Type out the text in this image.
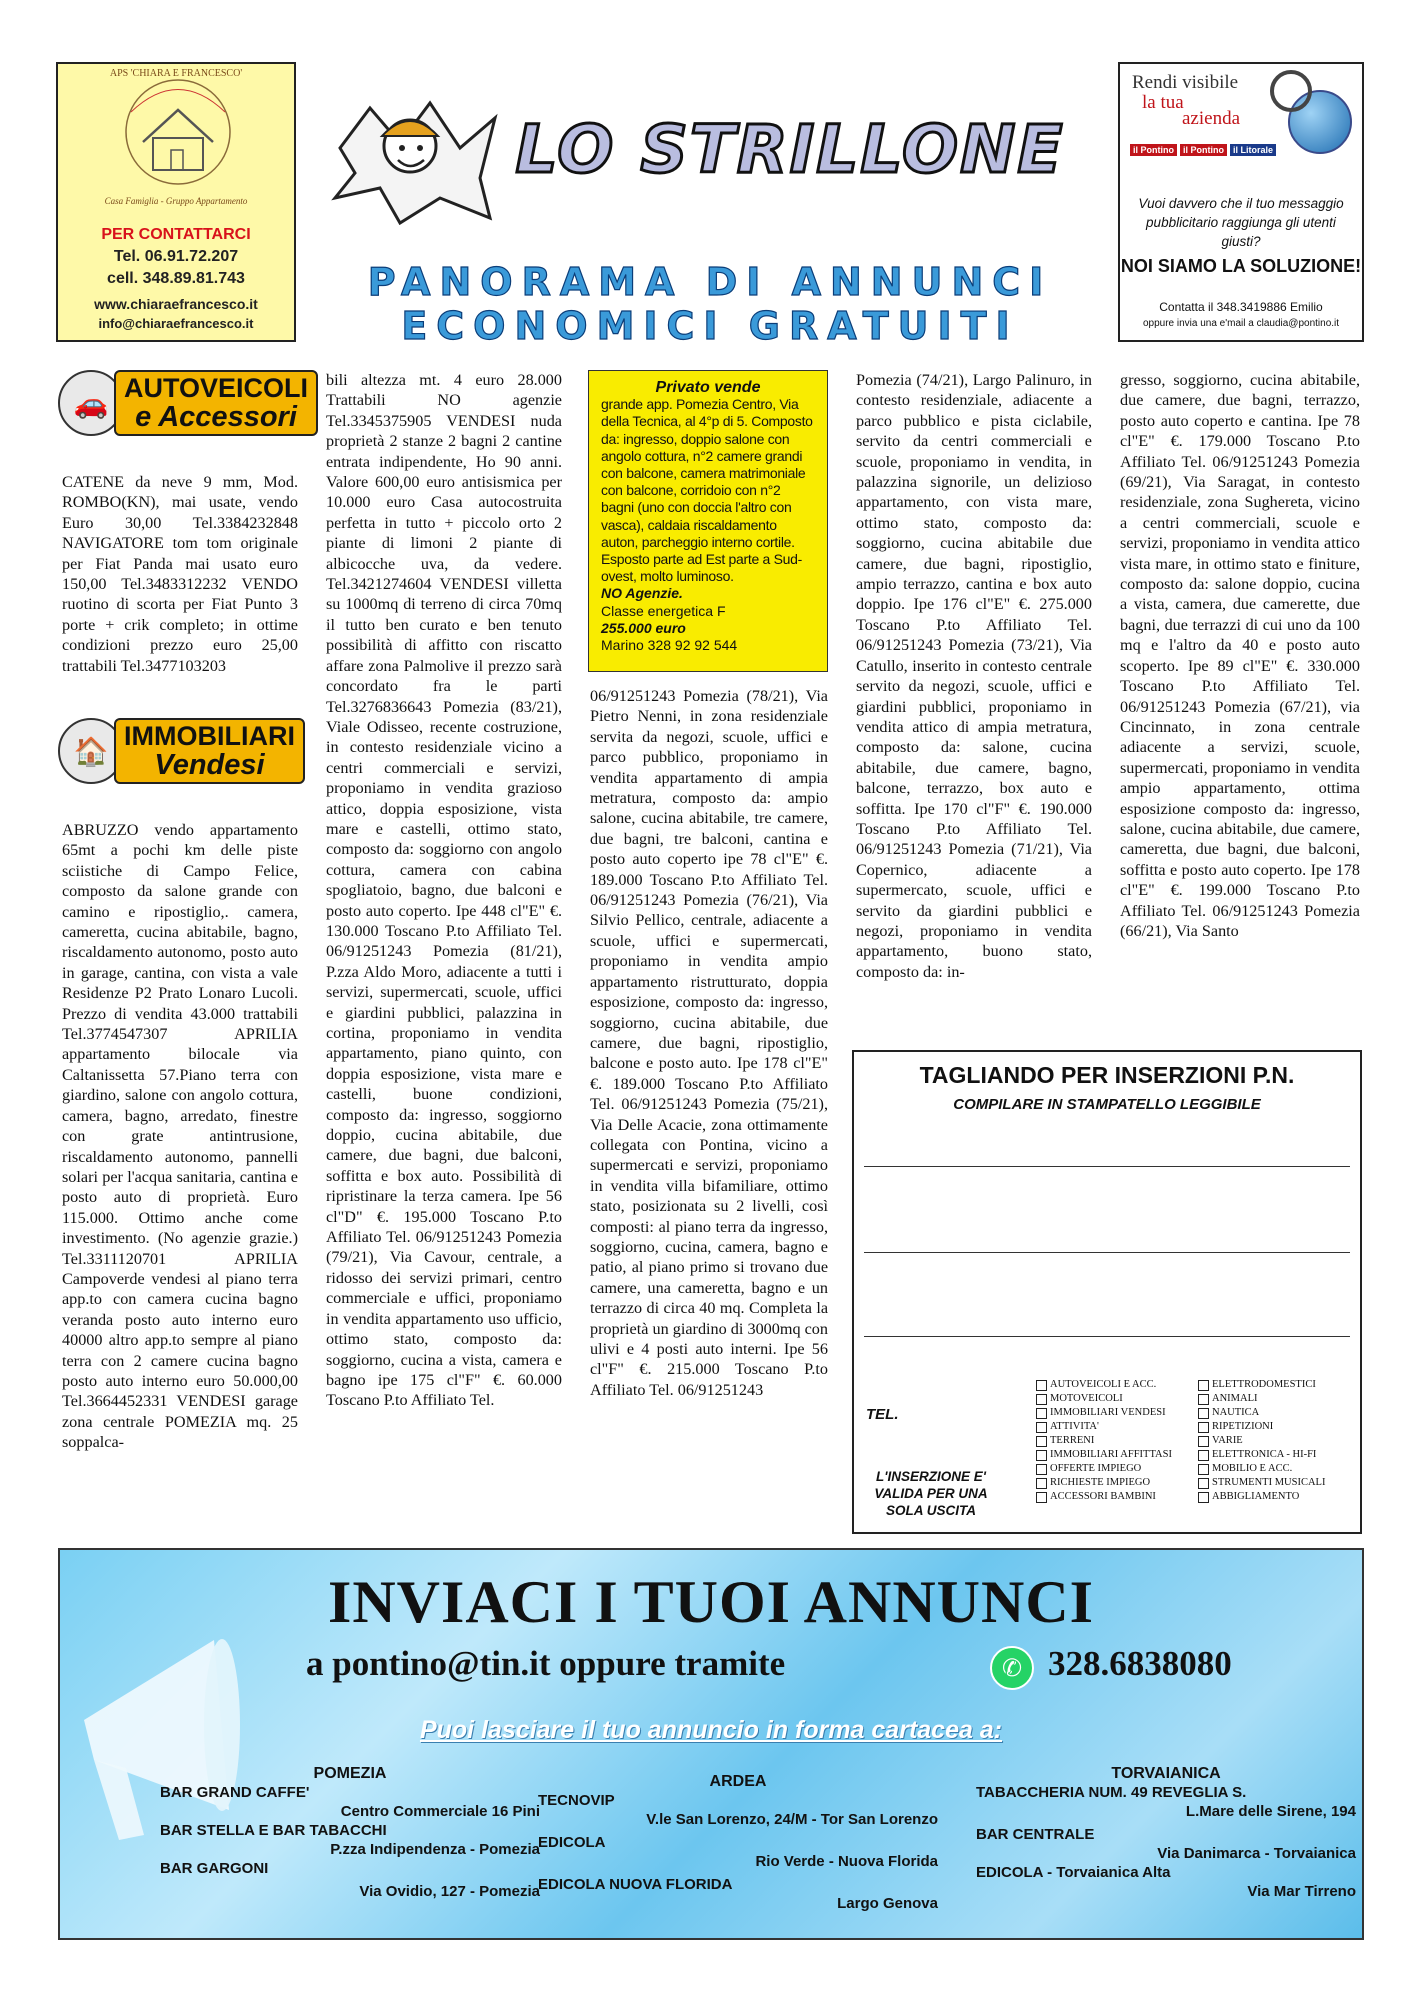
APS 'CHIARA E FRANCESCO'
Casa Famiglia - Gruppo Appartamento
PER CONTATTARCI
Tel. 06.91.72.207
cell. 348.89.81.743
www.chiaraefrancesco.it
info@chiaraefrancesco.it
LO STRILLONE
PANORAMA DI ANNUNCI
ECONOMICI GRATUITI
Rendi visibile
la tua
azienda
il Pontino	il Pontino	il Litorale
Vuoi davvero che il tuo messaggio pubblicitario raggiunga gli utenti giusti?
NOI SIAMO LA SOLUZIONE!
Contatta il 348.3419886 Emilio
oppure invia una e'mail a claudia@pontino.it
🚗 AUTOVEICOLI
e Accessori
🏠 IMMOBILIARI
Vendesi

CATENE da neve 9 mm, Mod. ROMBO(KN), mai usate, vendo Euro 30,00 Tel.3384232848 NAVIGATORE tom tom originale per Fiat Panda mai usato euro 150,00 Tel.3483312232 VENDO ruotino di scorta per Fiat Punto 3 porte + crik completo; in ottime condizioni prezzo euro 25,00 trattabili Tel.3477103203

ABRUZZO vendo appartamento 65mt a pochi km delle piste sciistiche di Campo Felice, composto da salone grande con camino e ripostiglio,. camera, cameretta, cucina abitabile, bagno, riscaldamento autonomo, posto auto in garage, cantina, con vista a vale Residenze P2 Prato Lonaro Lucoli. Prezzo di vendita 43.000 trattabili Tel.3774547307 APRILIA appartamento bilocale via Caltanissetta 57.Piano terra con giardino, salone con angolo cottura, camera, bagno, arredato, finestre con grate antintrusione, riscaldamento autonomo, pannelli solari per l'acqua sanitaria, cantina e posto auto di proprietà. Euro 115.000. Ottimo anche come investimento. (No agenzie grazie.) Tel.3311120701 APRILIA Campoverde vendesi al piano terra app.to con camera cucina bagno veranda posto auto interno euro 40000 altro app.to sempre al piano terra con 2 camere cucina bagno posto auto interno euro 50.000,00 Tel.3664452331 VENDESI garage zona centrale POMEZIA mq. 25 soppalca-

bili altezza mt. 4 euro 28.000 Trattabili NO agenzie Tel.3345375905 VENDESI nuda proprietà 2 stanze 2 bagni 2 cantine entrata indipendente, Ho 90 anni. Valore 600,00 euro antisismica per 10.000 euro Casa autocostruita perfetta in tutto + piccolo orto 2 piante di limoni 2 piante di albicocche uva, da vedere. Tel.3421274604 VENDESI villetta su 1000mq di terreno di circa 70mq il tutto ben curato e ben tenuto possibilità di affitto con riscatto affare zona Palmolive il prezzo sarà concordato fra le parti Tel.3276836643 Pomezia (83/21), Viale Odisseo, recente costruzione, in contesto residenziale vicino a centri commerciali e servizi, proponiamo in vendita grazioso attico, doppia esposizione, vista mare e castelli, ottimo stato, composto da: soggiorno con angolo cottura, camera con cabina spogliatoio, bagno, due balconi e posto auto coperto. Ipe 448 cl"E" €. 130.000 Toscano P.to Affiliato Tel. 06/91251243 Pomezia (81/21), P.zza Aldo Moro, adiacente a tutti i servizi, supermercati, scuole, uffici e giardini pubblici, palazzina in cortina, proponiamo in vendita appartamento, piano quinto, con doppia esposizione, vista mare e castelli, buone condizioni, composto da: ingresso, soggiorno doppio, cucina abitabile, due camere, due bagni, due balconi, soffitta e box auto. Possibilità di ripristinare la terza camera. Ipe 56 cl"D" €. 195.000 Toscano P.to Affiliato Tel. 06/91251243 Pomezia (79/21), Via Cavour, centrale, a ridosso dei servizi primari, centro commerciale e uffici, proponiamo in vendita appartamento uso ufficio, ottimo stato, composto da: soggiorno, cucina a vista, camera e bagno ipe 175 cl"F" €. 60.000 Toscano P.to Affiliato Tel.

Privato vende
grande app. Pomezia Centro, Via della Tecnica, al 4°p di 5. Composto da: ingresso, doppio salone con angolo cottura, n°2 camere grandi con balcone, camera matrimoniale con balcone, corridoio con n°2 bagni (uno con doccia l'altro con vasca), caldaia riscaldamento auton, parcheggio interno cortile. Esposto parte ad Est parte a Sud-ovest, molto luminoso.
NO Agenzie.
Classe energetica F
255.000 euro
Marino 328 92 92 544

06/91251243 Pomezia (78/21), Via Pietro Nenni, in zona residenziale servita da negozi, scuole, uffici e parco pubblico, proponiamo in vendita appartamento di ampia metratura, composto da: ampio salone, cucina abitabile, tre camere, due bagni, tre balconi, cantina e posto auto coperto ipe 78 cl"E" €. 189.000 Toscano P.to Affiliato Tel. 06/91251243 Pomezia (76/21), Via Silvio Pellico, centrale, adiacente a scuole, uffici e supermercati, proponiamo in vendita ampio appartamento ristrutturato, doppia esposizione, composto da: ingresso, soggiorno, cucina abitabile, due camere, due bagni, ripostiglio, balcone e posto auto. Ipe 178 cl"E" €. 189.000 Toscano P.to Affiliato Tel. 06/91251243 Pomezia (75/21), Via Delle Acacie, zona ottimamente collegata con Pontina, vicino a supermercati e servizi, proponiamo in vendita villa bifamiliare, ottimo stato, posizionata su 2 livelli, così composti: al piano terra da ingresso, soggiorno, cucina, camera, bagno e patio, al piano primo si trovano due camere, una cameretta, bagno e un terrazzo di circa 40 mq. Completa la proprietà un giardino di 3000mq con ulivi e 4 posti auto interni. Ipe 56 cl"F" €. 215.000 Toscano P.to Affiliato Tel. 06/91251243

Pomezia (74/21), Largo Palinuro, in contesto residenziale, adiacente a parco pubblico e pista ciclabile, servito da centri commerciali e scuole, proponiamo in vendita, in palazzina signorile, un delizioso appartamento, con vista mare, ottimo stato, composto da: soggiorno, cucina abitabile due camere, due bagni, ripostiglio, ampio terrazzo, cantina e box auto doppio. Ipe 176 cl"E" €. 275.000 Toscano P.to Affiliato Tel. 06/91251243 Pomezia (73/21), Via Catullo, inserito in contesto centrale servito da negozi, scuole, uffici e giardini pubblici, proponiamo in vendita attico di ampia metratura, composto da: salone, cucina abitabile, due camere, bagno, balcone, terrazzo, box auto e soffitta. Ipe 170 cl"F" €. 190.000 Toscano P.to Affiliato Tel. 06/91251243 Pomezia (71/21), Via Copernico, adiacente a supermercato, scuole, uffici e servito da giardini pubblici e negozi, proponiamo in vendita appartamento, buono stato, composto da: in-

gresso, soggiorno, cucina abitabile, due camere, due bagni, terrazzo, posto auto coperto e cantina. Ipe 78 cl"E" €. 179.000 Toscano P.to Affiliato Tel. 06/91251243 Pomezia (69/21), Via Saragat, in contesto residenziale, zona Sughereta, vicino a centri commerciali, scuole e servizi, proponiamo in vendita attico vista mare, in ottimo stato e finiture, composto da: salone doppio, cucina a vista, camera, due camerette, due bagni, due terrazzi di cui uno da 100 mq e l'altro da 40 e posto auto scoperto. Ipe 89 cl"E" €. 330.000 Toscano P.to Affiliato Tel. 06/91251243 Pomezia (67/21), via Cincinnato, in zona centrale adiacente a servizi, scuole, supermercati, proponiamo in vendita ampio appartamento, ottima esposizione composto da: ingresso, salone, cucina abitabile, due camere, cameretta, due bagni, due balconi, soffitta e posto auto coperto. Ipe 178 cl"E" €. 199.000 Toscano P.to Affiliato Tel. 06/91251243 Pomezia (66/21), Via Santo

TAGLIANDO PER INSERZIONI P.N.
COMPILARE IN STAMPATELLO LEGGIBILE
TEL.
L'INSERZIONE E' VALIDA PER UNA SOLA USCITA
AUTOVEICOLI E ACC.
MOTOVEICOLI
IMMOBILIARI VENDESI
ATTIVITA'
TERRENI
IMMOBILIARI AFFITTASI
OFFERTE IMPIEGO
RICHIESTE IMPIEGO
ACCESSORI BAMBINI
ELETTRODOMESTICI
ANIMALI
NAUTICA
RIPETIZIONI
VARIE
ELETTRONICA - HI-FI
MOBILIO E ACC.
STRUMENTI MUSICALI
ABBIGLIAMENTO
INVIACI I TUOI ANNUNCI
a pontino@tin.it oppure tramite	✆ 328.6838080
Puoi lasciare il tuo annuncio in forma cartacea a:
POMEZIA
BAR GRAND CAFFE'
Centro Commerciale 16 Pini
BAR STELLA E BAR TABACCHI
P.zza Indipendenza - Pomezia
BAR GARGONI
Via Ovidio, 127 - Pomezia
ARDEA
TECNOVIP
V.le San Lorenzo, 24/M - Tor San Lorenzo
EDICOLA
Rio Verde - Nuova Florida
EDICOLA NUOVA FLORIDA
Largo Genova
TORVAIANICA
TABACCHERIA NUM. 49 REVEGLIA S.
L.Mare delle Sirene, 194
BAR CENTRALE
Via Danimarca - Torvaianica
EDICOLA - Torvaianica Alta
Via Mar Tirreno
